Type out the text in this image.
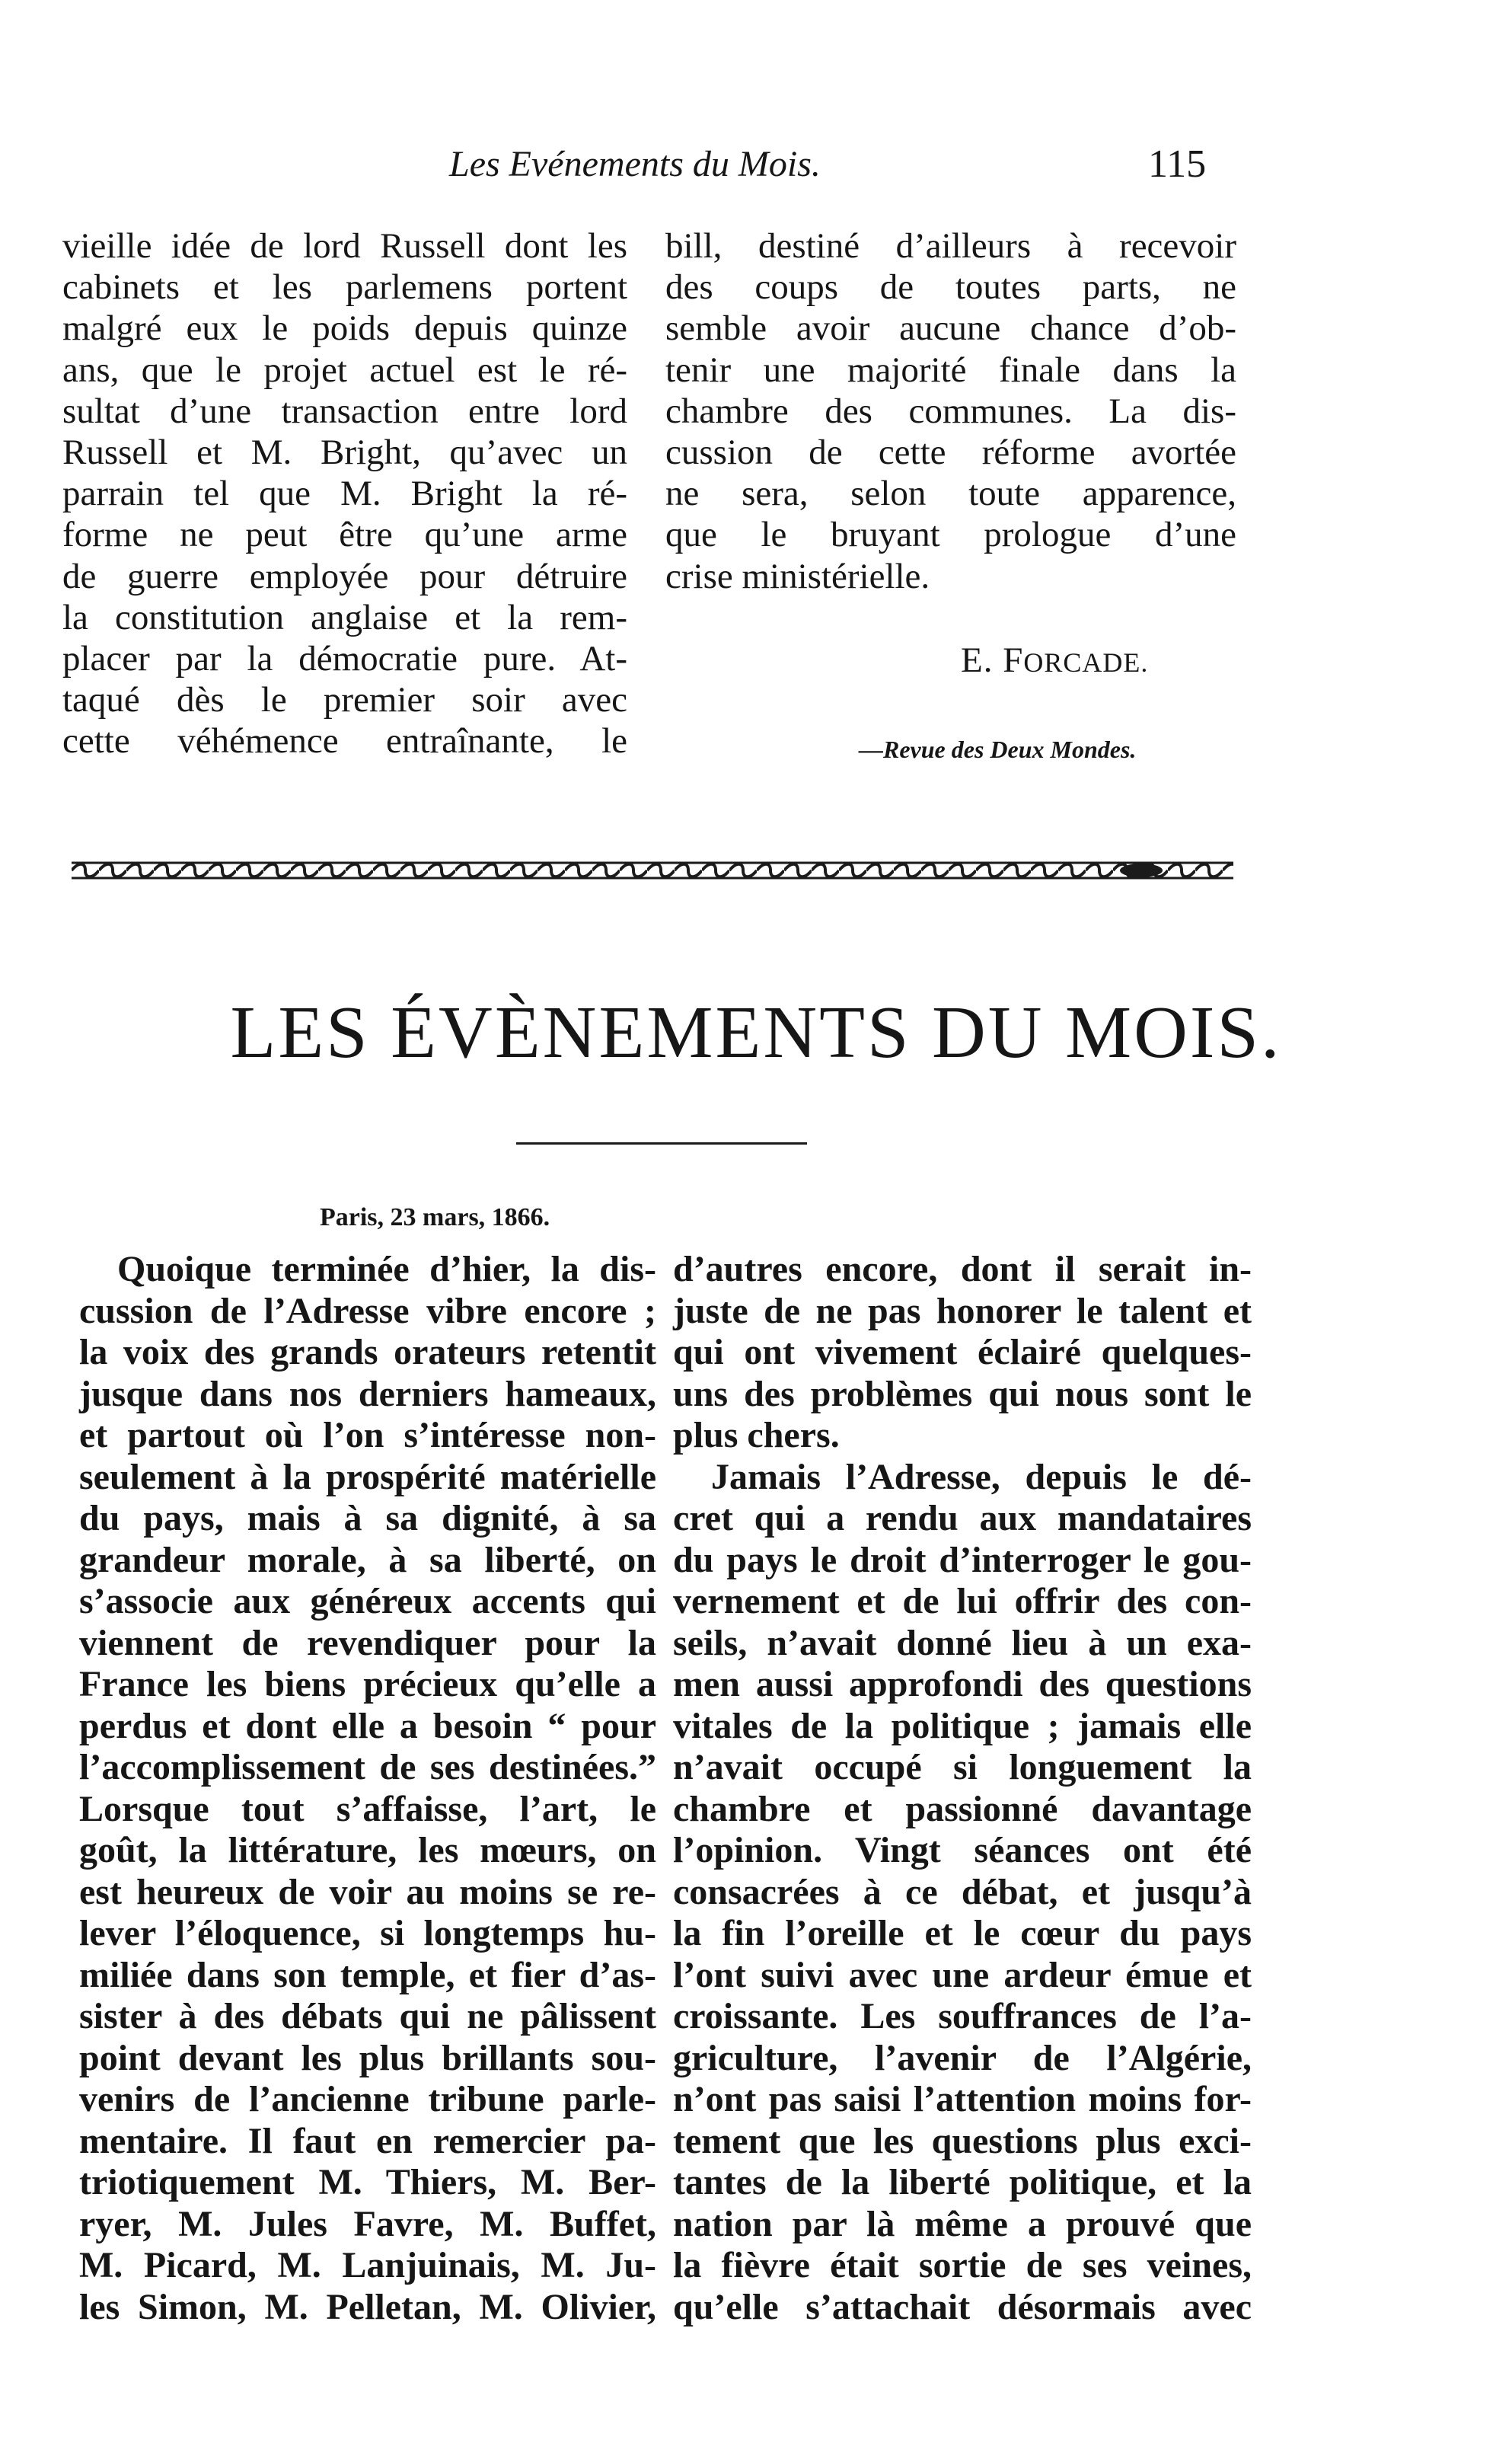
Les Evénements du Mois.	115
vieille idée de lord Russell dont les
cabinets et les parlemens portent
malgré eux le poids depuis quinze
ans, que le projet actuel est le ré-
sultat d’une transaction entre lord
Russell et M. Bright, qu’avec un
parrain tel que M. Bright la ré-
forme ne peut être qu’une arme
de guerre employée pour détruire
la constitution anglaise et la rem-
placer par la démocratie pure. At-
taqué dès le premier soir avec
cette véhémence entraînante, le
bill, destiné d’ailleurs à recevoir
des coups de toutes parts, ne
semble avoir aucune chance d’ob-
tenir une majorité finale dans la
chambre des communes. La dis-
cussion de cette réforme avortée
ne sera, selon toute apparence,
que le bruyant prologue d’une
crise ministérielle.
E. FORCADE.
—Revue des Deux Mondes.
LES ÉVÈNEMENTS DU MOIS.
Paris, 23 mars, 1866.
Quoique terminée d’hier, la dis-
cussion de l’Adresse vibre encore ;
la voix des grands orateurs retentit
jusque dans nos derniers hameaux,
et partout où l’on s’intéresse non-
seulement à la prospérité matérielle
du pays, mais à sa dignité, à sa
grandeur morale, à sa liberté, on
s’associe aux généreux accents qui
viennent de revendiquer pour la
France les biens précieux qu’elle a
perdus et dont elle a besoin “ pour
l’accomplissement de ses destinées.”
Lorsque tout s’affaisse, l’art, le
goût, la littérature, les mœurs, on
est heureux de voir au moins se re-
lever l’éloquence, si longtemps hu-
miliée dans son temple, et fier d’as-
sister à des débats qui ne pâlissent
point devant les plus brillants sou-
venirs de l’ancienne tribune parle-
mentaire. Il faut en remercier pa-
triotiquement M. Thiers, M. Ber-
ryer, M. Jules Favre, M. Buffet,
M. Picard, M. Lanjuinais, M. Ju-
les Simon, M. Pelletan, M. Olivier,
d’autres encore, dont il serait in-
juste de ne pas honorer le talent et
qui ont vivement éclairé quelques-
uns des problèmes qui nous sont le
plus chers.
Jamais l’Adresse, depuis le dé-
cret qui a rendu aux mandataires
du pays le droit d’interroger le gou-
vernement et de lui offrir des con-
seils, n’avait donné lieu à un exa-
men aussi approfondi des questions
vitales de la politique ; jamais elle
n’avait occupé si longuement la
chambre et passionné davantage
l’opinion. Vingt séances ont été
consacrées à ce débat, et jusqu’à
la fin l’oreille et le cœur du pays
l’ont suivi avec une ardeur émue et
croissante. Les souffrances de l’a-
griculture, l’avenir de l’Algérie,
n’ont pas saisi l’attention moins for-
tement que les questions plus exci-
tantes de la liberté politique, et la
nation par là même a prouvé que
la fièvre était sortie de ses veines,
qu’elle s’attachait désormais avec
